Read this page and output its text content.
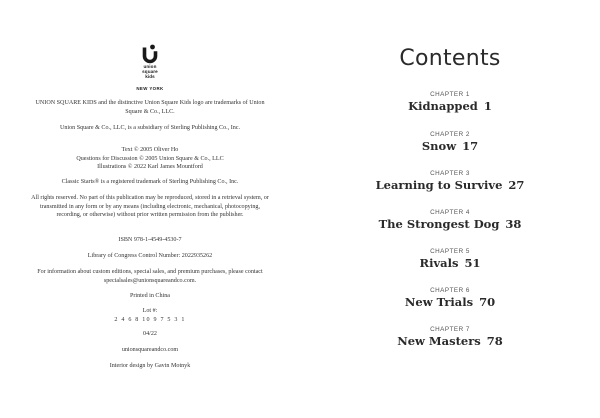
union
square
kids
NEW YORK

UNION SQUARE KIDS and the distinctive Union Square Kids logo are trademarks of Union Square & Co., LLC.

Union Square & Co., LLC, is a subsidiary of Sterling Publishing Co., Inc.

Text © 2005 Oliver Ho

Questions for Discussion © 2005 Union Square & Co., LLC

Illustrations © 2022 Karl James Mountford

Classic Starts® is a registered trademark of Sterling Publishing Co., Inc.

All rights reserved. No part of this publication may be reproduced, stored in a retrieval system, or transmitted in any form or by any means (including electronic, mechanical, photocopying, recording, or otherwise) without prior written permission from the publisher.

ISBN 978-1-4549-4530-7

Library of Congress Control Number: 2022935262

For information about custom editions, special sales, and premium purchases, please contact specialsales@unionsquareandco.com.

Printed in China

Lot #:

2 4 6 8 10 9 7 5 3 1

04/22

unionsquareandco.com

Interior design by Gavin Motnyk

Contents
CHAPTER 1
Kidnapped 1
CHAPTER 2
Snow 17
CHAPTER 3
Learning to Survive 27
CHAPTER 4
The Strongest Dog 38
CHAPTER 5
Rivals 51
CHAPTER 6
New Trials 70
CHAPTER 7
New Masters 78
